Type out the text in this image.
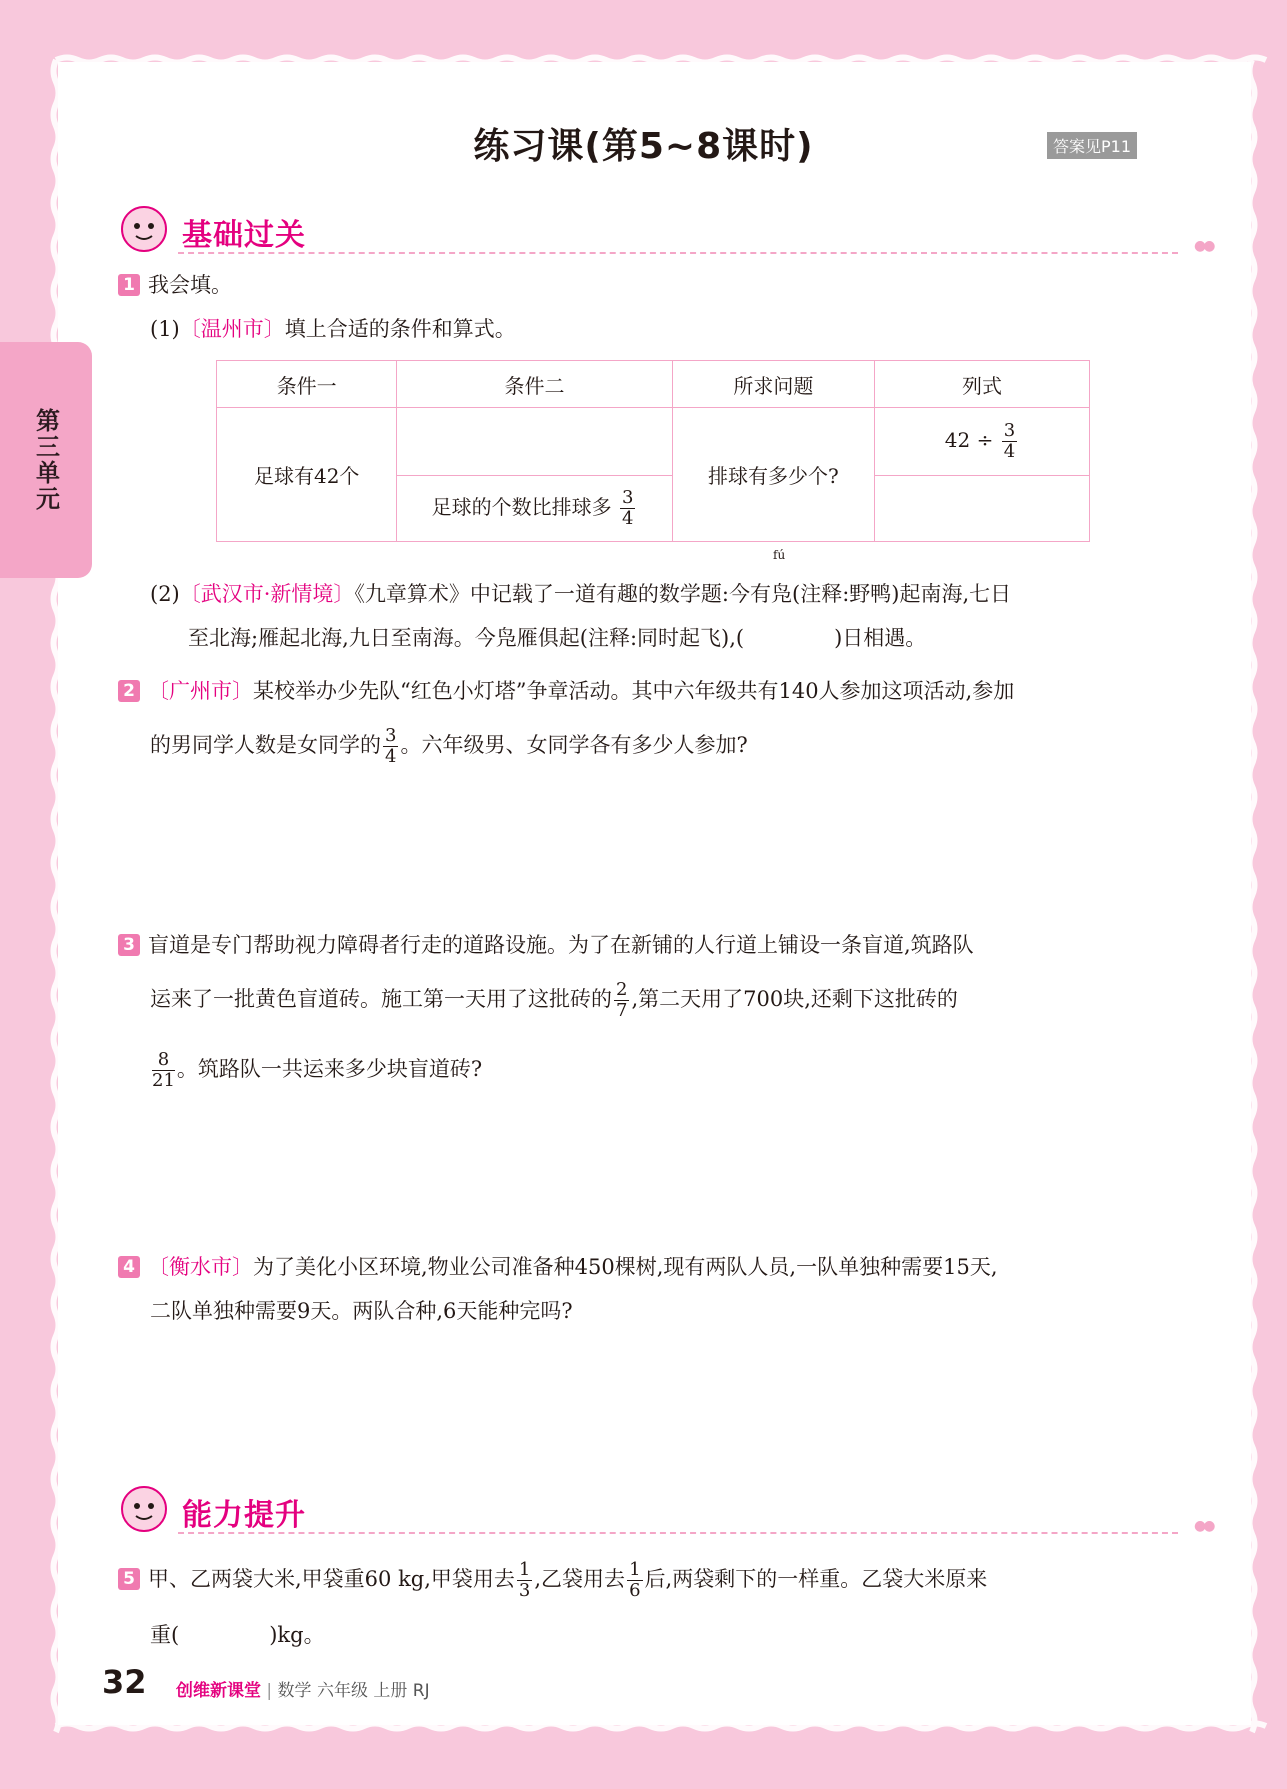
第三单元
练习课(第5~8课时)	答案见P11
基础过关	●●
1 我会填。
(1)〔温州市〕填上合适的条件和算式。
条件一	条件二	所求问题	列式
足球有42个		排球有多少个?	$42 \div \frac{3}{4}$

	足球的个数比排球多 $\frac{3}{4}$

(2)〔武汉市·新情境〕《九章算术》中记载了一道有趣的数学题:今有
fú
凫(注释:野鸭)起南海,七日
至北海;雁起北海,九日至南海。今凫雁俱起(注释:同时起飞),(	)日相遇。
2 〔广州市〕某校举办少先队“红色小灯塔”争章活动。其中六年级共有140人参加这项活动,参加
的男同学人数是女同学的 $\frac{3}{4}$ 。六年级男、女同学各有多少人参加?
3 盲道是专门帮助视力障碍者行走的道路设施。为了在新铺的人行道上铺设一条盲道,筑路队
运来了一批黄色盲道砖。施工第一天用了这批砖的 $\frac{2}{7}$ ,第二天用了700块,还剩下这批砖的
$\frac{8}{21}$ 。筑路队一共运来多少块盲道砖?
4 〔衡水市〕为了美化小区环境,物业公司准备种450棵树,现有两队人员,一队单独种需要15天,
二队单独种需要9天。两队合种,6天能种完吗?
能力提升	●●
5 甲、乙两袋大米,甲袋重60 kg,甲袋用去 $\frac{1}{3}$ ,乙袋用去 $\frac{1}{6}$ 后,两袋剩下的一样重。乙袋大米原来
重(	)kg。
32 创维新课堂 | 数学 六年级 上册 RJ
